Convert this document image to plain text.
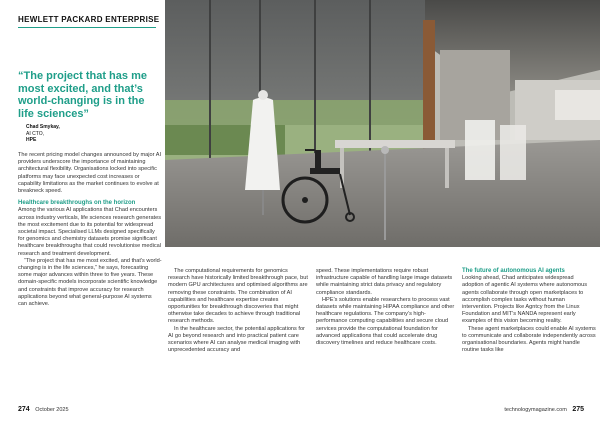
HEWLETT PACKARD ENTERPRISE
“The project that has me most excited, and that’s world-changing is in the life sciences”
Chad Smykay,
AI CTO,
HPE

The recent pricing model changes announced by major AI providers underscore the importance of maintaining architectural flexibility. Organisations locked into specific platforms may face unexpected cost increases or capability limitations as the market continues to evolve at breakneck speed.

Healthcare breakthroughs on the horizon

Among the various AI applications that Chad encounters across industry verticals, life sciences research generates the most excitement due to its potential for widespread societal impact. Specialised LLMs designed specifically for genomics and chemistry datasets promise significant healthcare breakthroughs that could revolutionise medical research and treatment development.

“The project that has me most excited, and that’s world-changing is in the life sciences,” he says, forecasting some major advances within three to five years. These domain-specific models incorporate scientific knowledge and constraints that improve accuracy for research applications beyond what general-purpose AI systems can achieve.

The computational requirements for genomics research have historically limited breakthrough pace, but modern GPU architectures and optimised algorithms are removing these constraints. The combination of AI capabilities and healthcare expertise creates opportunities for breakthrough discoveries that might otherwise take decades to achieve through traditional research methods.

In the healthcare sector, the potential applications for AI go beyond research and into practical patient care scenarios where AI can analyse medical imaging with unprecedented accuracy and

speed. These implementations require robust infrastructure capable of handling large image datasets while maintaining strict data privacy and regulatory compliance standards.

HPE’s solutions enable researchers to process vast datasets while maintaining HIPAA compliance and other healthcare regulations. The company’s high-performance computing capabilities and secure cloud services provide the computational foundation for advanced applications that could accelerate drug discovery timelines and reduce healthcare costs.

The future of autonomous AI agents

Looking ahead, Chad anticipates widespread adoption of agentic AI systems where autonomous agents collaborate through open marketplaces to accomplish complex tasks without human intervention. Projects like Agntcy from the Linux Foundation and MIT’s NANDA represent early examples of this vision becoming reality.

These agent marketplaces could enable AI systems to communicate and collaborate independently across organisational boundaries. Agents might handle routine tasks like

274 October 2025	technologymagazine.com 275
